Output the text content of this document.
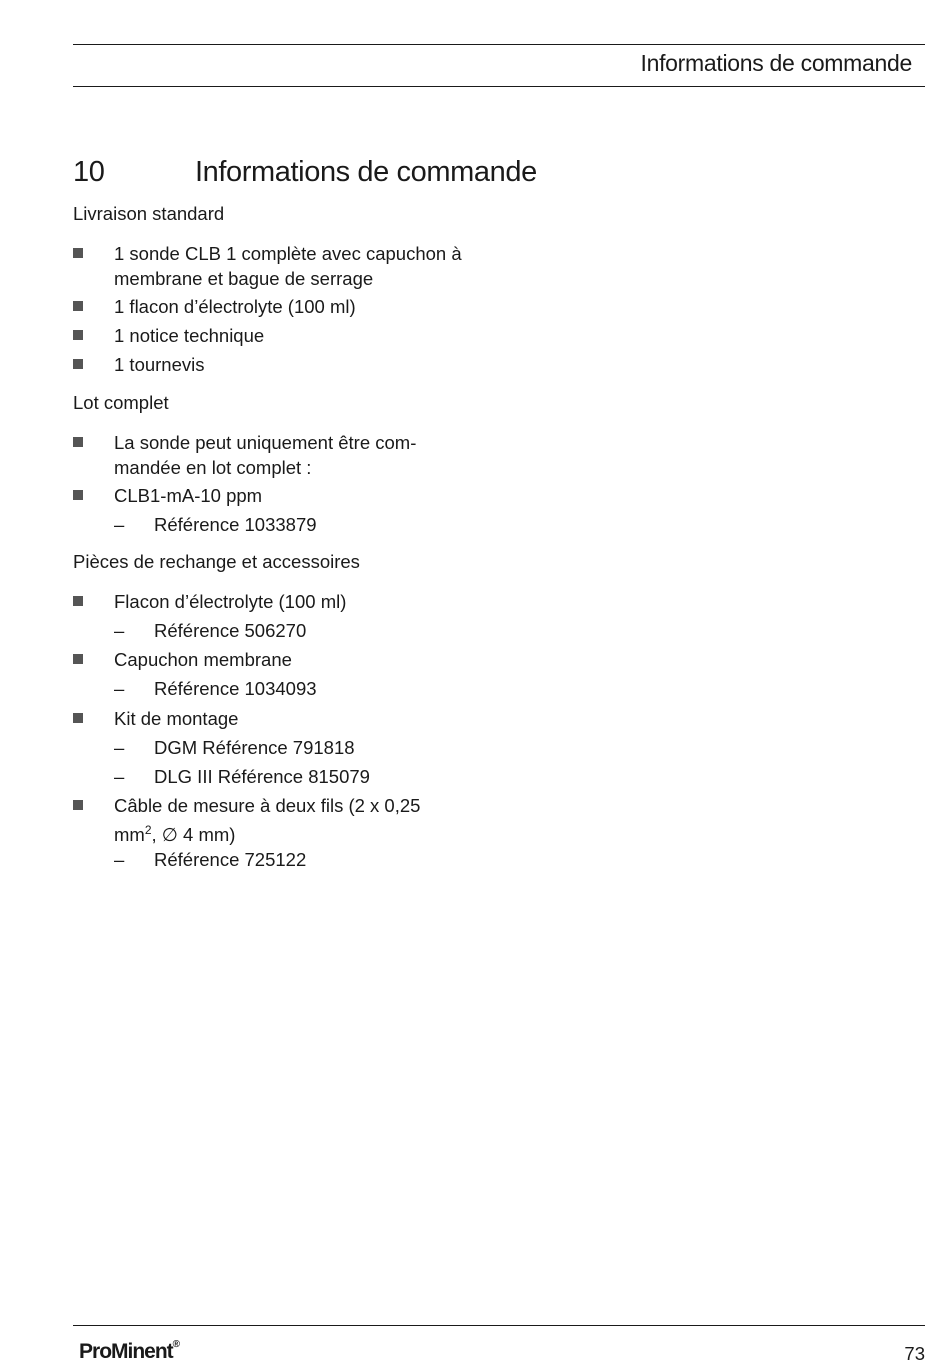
Informations de commande
10	Informations de commande
Livraison standard
1 sonde CLB 1 complète avec capuchon à
membrane et bague de serrage
1 flacon d’électrolyte (100 ml)
1 notice technique
1 tournevis
Lot complet
La sonde peut uniquement être com-
mandée en lot complet :
CLB1-mA-10 ppm
– Référence 1033879
Pièces de rechange et accessoires
Flacon d’électrolyte (100 ml)
– Référence 506270
Capuchon membrane
– Référence 1034093
Kit de montage
– DGM Référence 791818
– DLG III Référence 815079
Câble de mesure à deux fils (2 x 0,25
$mm^2$, ∅ 4 mm)
– Référence 725122
ProMinent®	73
